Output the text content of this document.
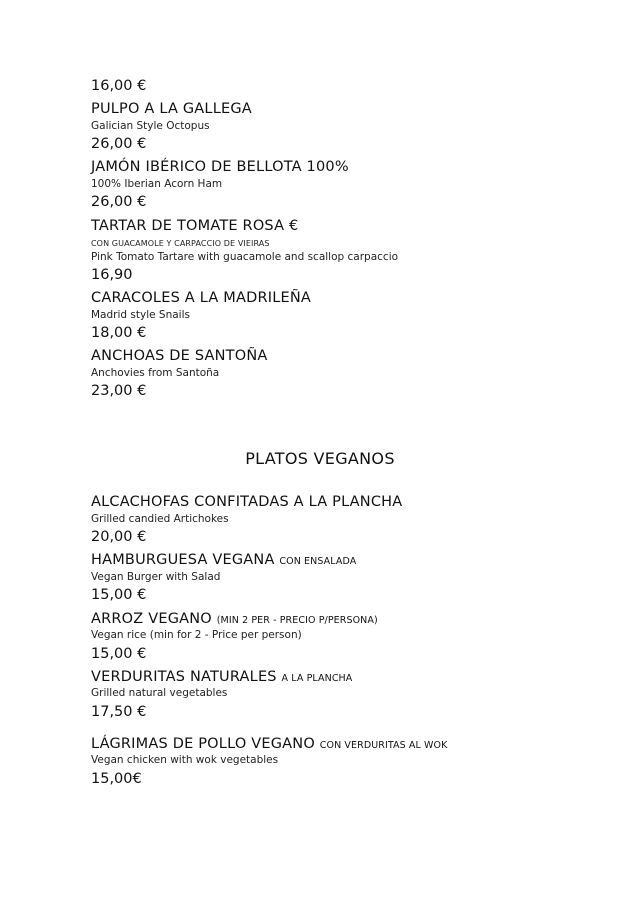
16,00 €
PULPO A LA GALLEGA
Galician Style Octopus
26,00 €
JAMÓN IBÉRICO DE BELLOTA 100%
100% Iberian Acorn Ham
26,00 €
TARTAR DE TOMATE ROSA €
CON GUACAMOLE Y CARPACCIO DE VIEIRAS
Pink Tomato Tartare with guacamole and scallop carpaccio
16,90
CARACOLES A LA MADRILEÑA
Madrid style Snails
18,00 €
ANCHOAS DE SANTOÑA
Anchovies from Santoña
23,00 €
PLATOS VEGANOS
ALCACHOFAS CONFITADAS A LA PLANCHA
Grilled candied Artichokes
20,00 €
HAMBURGUESA VEGANA CON ENSALADA
Vegan Burger with Salad
15,00 €
ARROZ VEGANO (MIN 2 PER - PRECIO P/PERSONA)
Vegan rice (min for 2 - Price per person)
15,00 €
VERDURITAS NATURALES A LA PLANCHA
Grilled natural vegetables
17,50 €
LÁGRIMAS DE POLLO VEGANO CON VERDURITAS AL WOK
Vegan chicken with wok vegetables
15,00€
